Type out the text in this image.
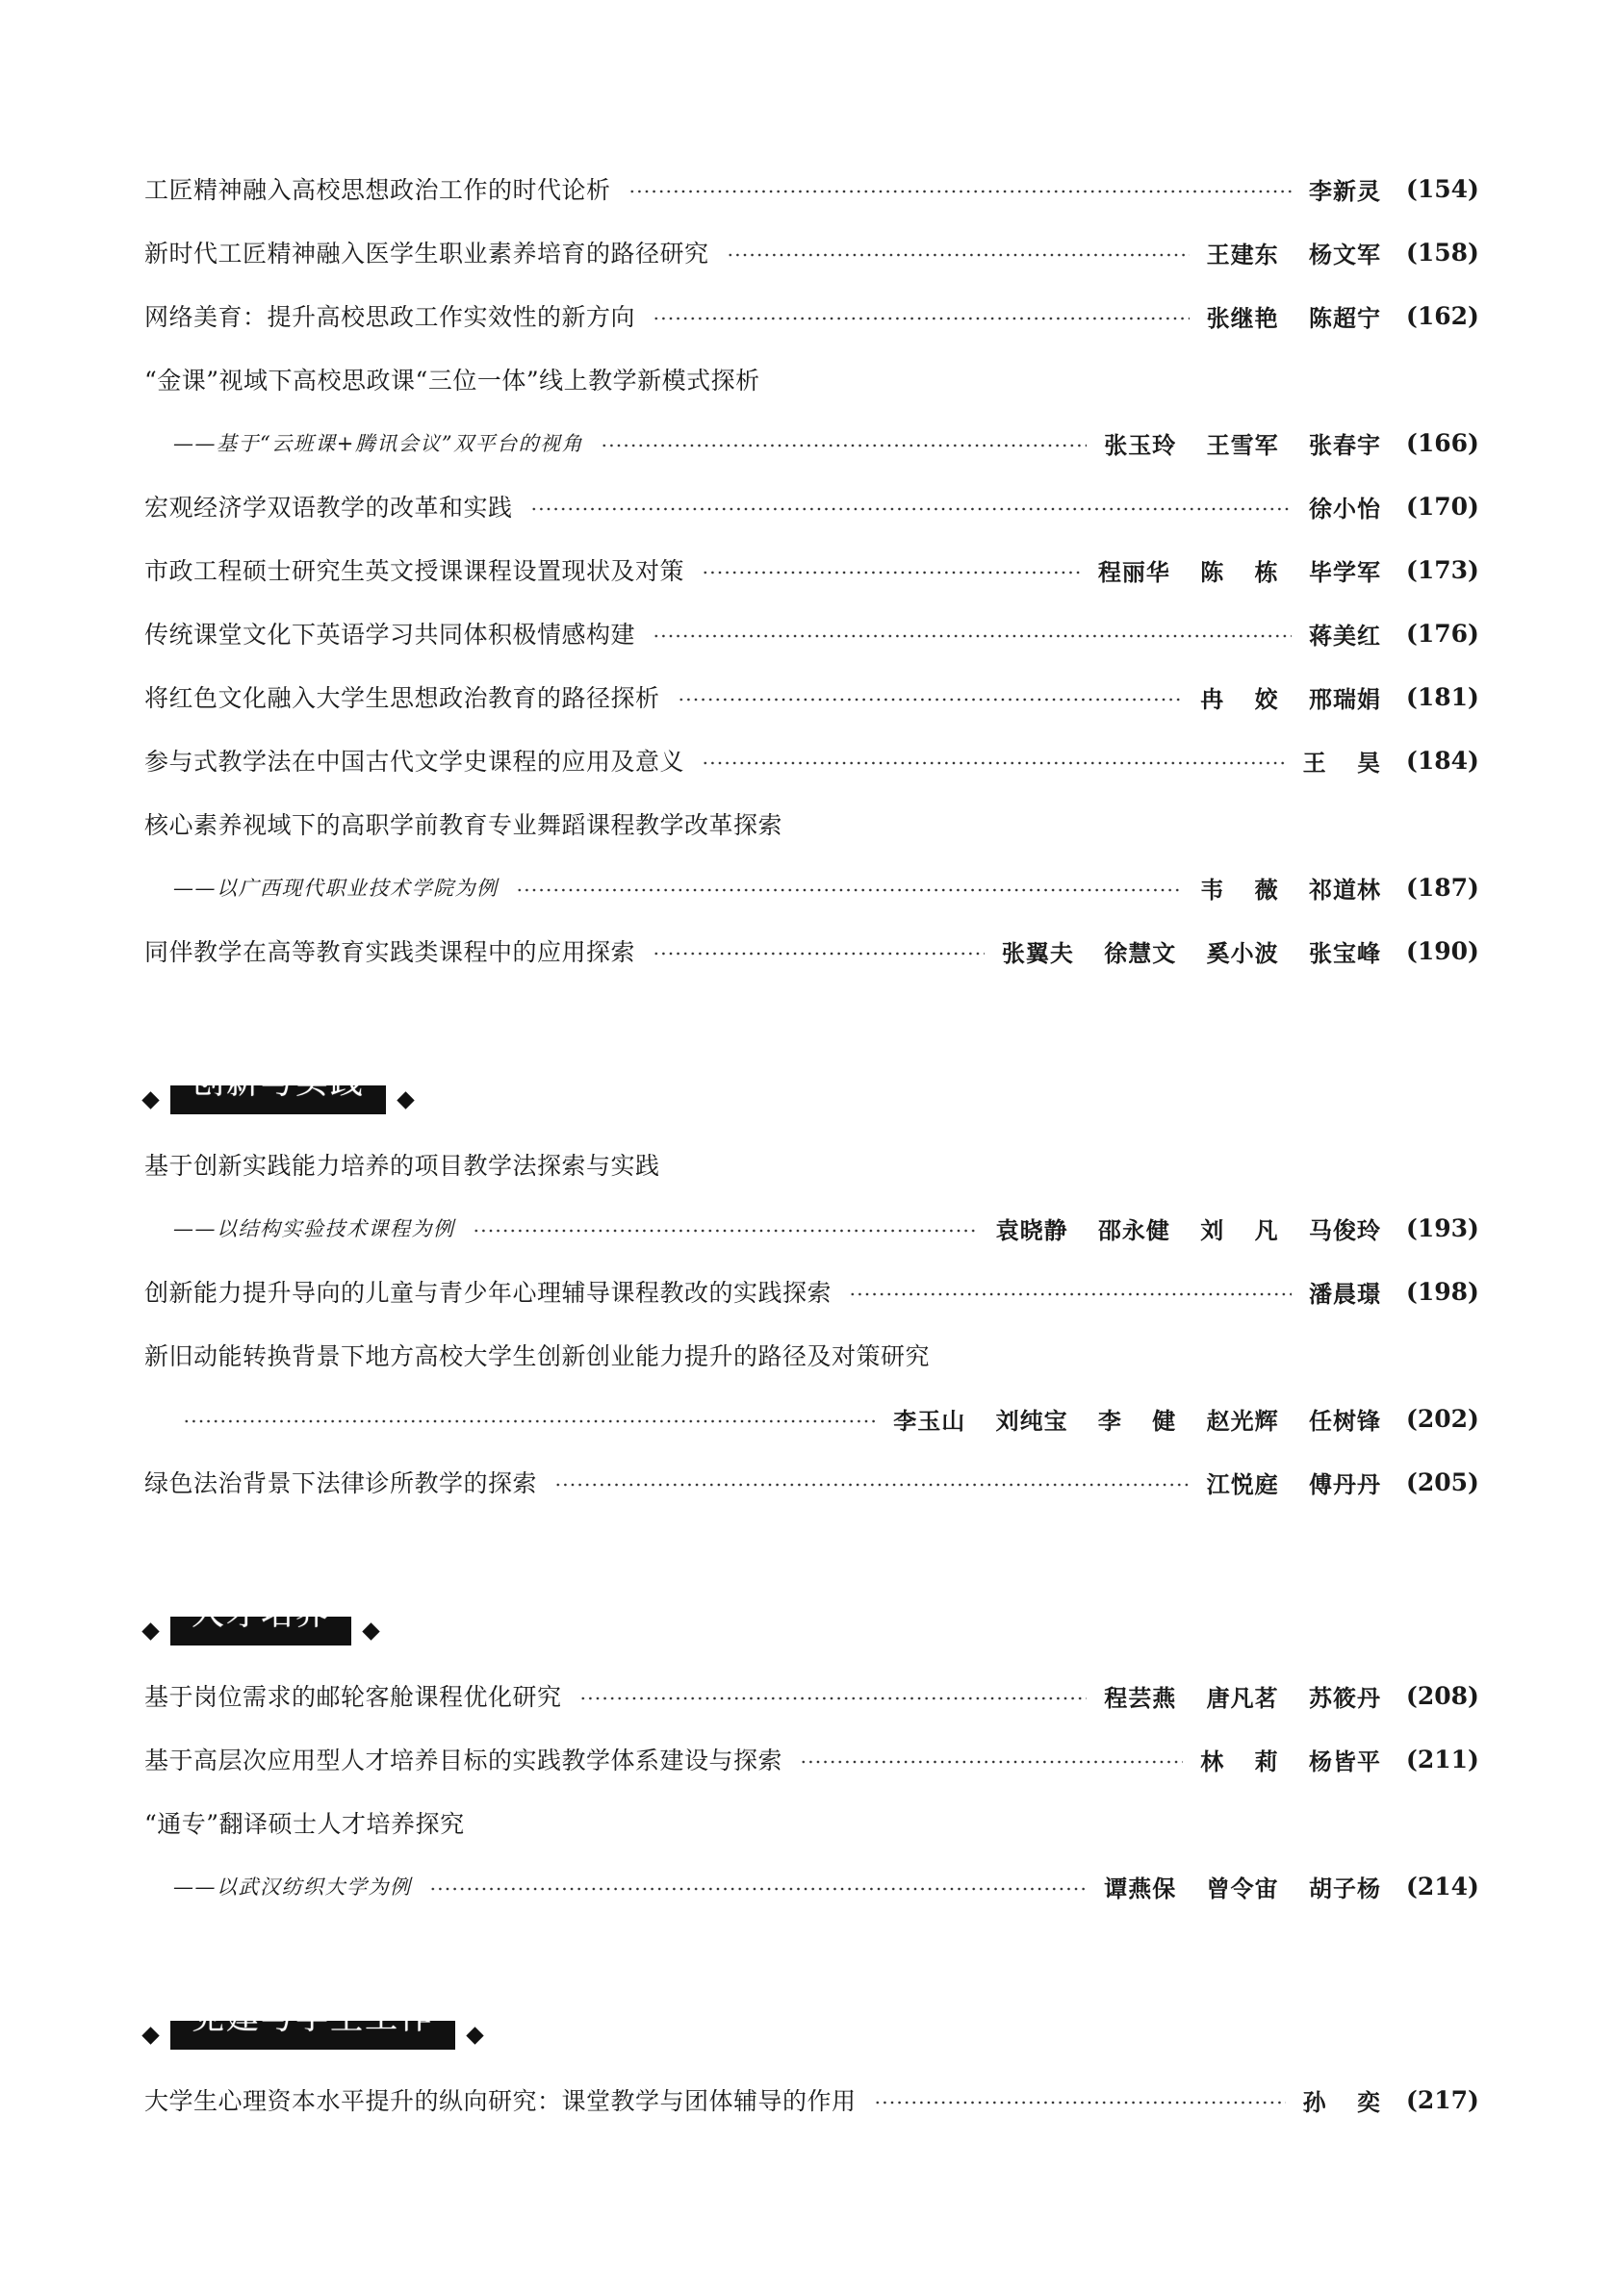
工匠精神融入高校思想政治工作的时代论析	李新灵 (154)
新时代工匠精神融入医学生职业素养培育的路径研究	王建东 杨文军 (158)
网络美育：提升高校思政工作实效性的新方向	张继艳 陈超宁 (162)
“金课”视域下高校思政课“三位一体”线上教学新模式探析
——基于“云班课+腾讯会议”双平台的视角	张玉玲 王雪军 张春宇 (166)
宏观经济学双语教学的改革和实践	徐小怡 (170)
市政工程硕士研究生英文授课课程设置现状及对策	程丽华 陈 栋 毕学军 (173)
传统课堂文化下英语学习共同体积极情感构建	蒋美红 (176)
将红色文化融入大学生思想政治教育的路径探析	冉 姣 邢瑞娟 (181)
参与式教学法在中国古代文学史课程的应用及意义	王 昊 (184)
核心素养视域下的高职学前教育专业舞蹈课程教学改革探索
——以广西现代职业技术学院为例	韦 薇 祁道林 (187)
同伴教学在高等教育实践类课程中的应用探索	张翼夫 徐慧文 奚小波 张宝峰 (190)
创新与实践
基于创新实践能力培养的项目教学法探索与实践
——以结构实验技术课程为例	袁晓静 邵永健 刘 凡 马俊玲 (193)
创新能力提升导向的儿童与青少年心理辅导课程教改的实践探索	潘晨璟 (198)
新旧动能转换背景下地方高校大学生创新创业能力提升的路径及对策研究
李玉山 刘纯宝 李 健 赵光辉 任树锋 (202)
绿色法治背景下法律诊所教学的探索	江悦庭 傅丹丹 (205)
人才培养
基于岗位需求的邮轮客舱课程优化研究	程芸燕 唐凡茗 苏筱丹 (208)
基于高层次应用型人才培养目标的实践教学体系建设与探索	林 莉 杨皆平 (211)
“通专”翻译硕士人才培养探究
——以武汉纺织大学为例	谭燕保 曾令宙 胡子杨 (214)
党建与学生工作
大学生心理资本水平提升的纵向研究：课堂教学与团体辅导的作用	孙 奕 (217)
